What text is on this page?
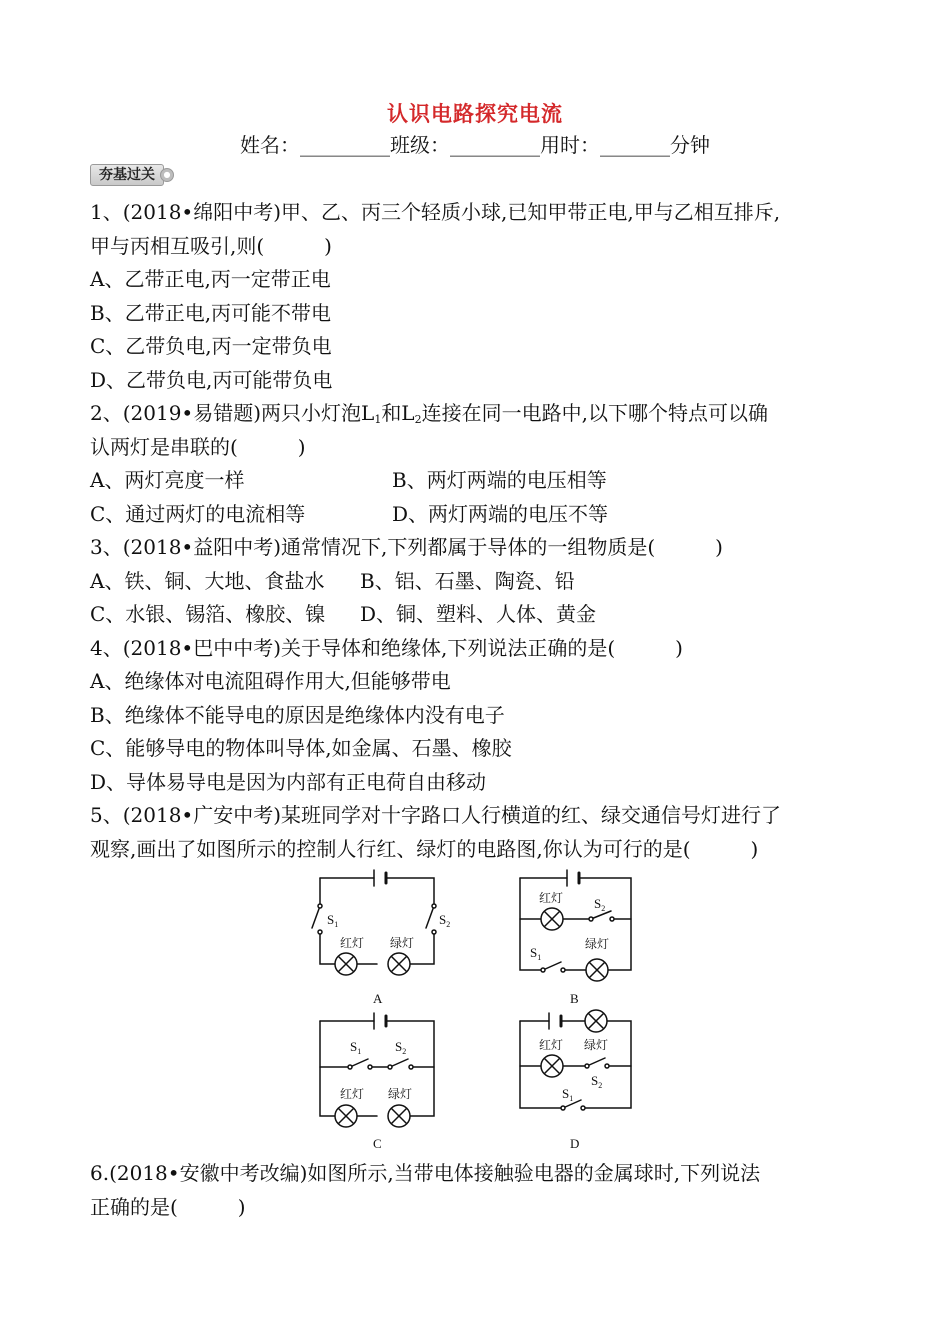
认识电路探究电流
姓名：_________班级：_________用时：_______分钟
夯基过关	●
1、(2018•绵阳中考)甲、乙、丙三个轻质小球,已知甲带正电,甲与乙相互排斥,
甲与丙相互吸引,则(　　　)
A、乙带正电,丙一定带正电
B、乙带正电,丙可能不带电
C、乙带负电,丙一定带负电
D、乙带负电,丙可能带负电
2、(2019•易错题)两只小灯泡$L_1$和$L_2$连接在同一电路中,以下哪个特点可以确
认两灯是串联的(　　　)
A、两灯亮度一样	B、两灯两端的电压相等
C、通过两灯的电流相等	D、两灯两端的电压不等
3、(2018•益阳中考)通常情况下,下列都属于导体的一组物质是(　　　)
A、铁、铜、大地、食盐水	B、铝、石墨、陶瓷、铅
C、水银、锡箔、橡胶、镍	D、铜、塑料、人体、黄金
4、(2018•巴中中考)关于导体和绝缘体,下列说法正确的是(　　　)
A、绝缘体对电流阻碍作用大,但能够带电
B、绝缘体不能导电的原因是绝缘体内没有电子
C、能够导电的物体叫导体,如金属、石墨、橡胶
D、导体易导电是因为内部有正电荷自由移动
5、(2018•广安中考)某班同学对十字路口人行横道的红、绿交通信号灯进行了
观察,画出了如图所示的控制人行红、绿灯的电路图,你认为可行的是(　　　)
$S_1$	$S_2$
红灯 绿灯
A
红灯 $S_2$
$S_1$
绿灯
B
$S_1$	$S_2$
红灯 绿灯
C
红灯 绿灯
$S_2$
$S_1$
D
6.(2018•安徽中考改编)如图所示,当带电体接触验电器的金属球时,下列说法
正确的是(　　　)
